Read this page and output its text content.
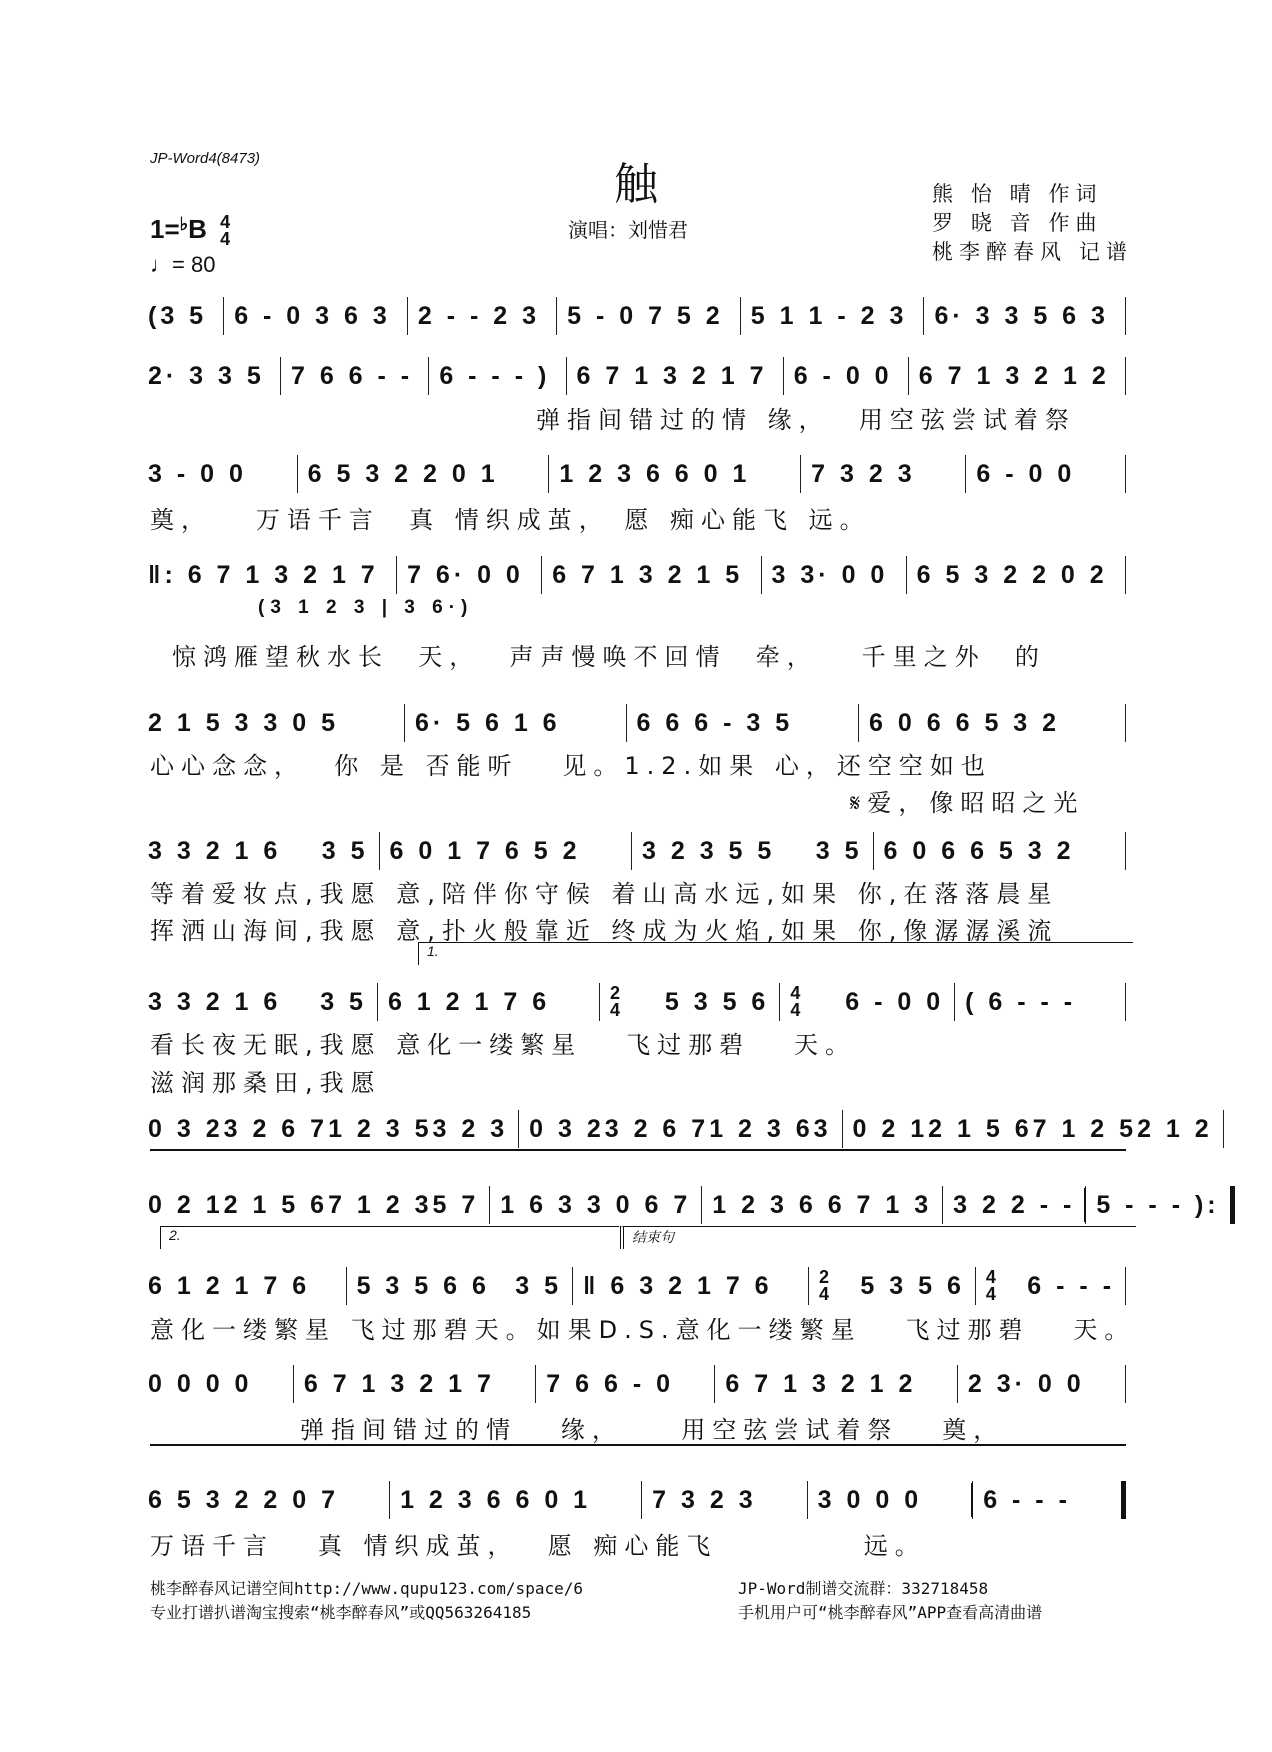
JP-Word4(8473)
触
演唱：刘惜君
1=♭B 4
4
♩= 80
熊 怡 晴 作词
罗 晓 音 作曲
桃李醉春风 记谱
(3 5 6 - 0 3 6 3 2 - - 2 3 5 - 0 7 5 2 5 1 1 - 2 3 6· 3 3 5 6 3
2· 3 3 5 7 6 6 - - 6 - - - ) 6 7 1 3 2 1 7 6 - 0 0 6 7 1 3 2 1 2
弹指间错过的情 缘，  用空弦尝试着祭
3 - 0 0 6 5 3 2 2 0 1 1 2 3 6 6 0 1 7 3 2 3 6 - 0 0
奠，   万语千言  真 情织成茧， 愿 痴心能飞 远。
‖: 6 7 1 3 2 1 7 7 6· 0 0 6 7 1 3 2 1 5 3 3· 0 0 6 5 3 2 2 0 2
(3 1 2 3 | 3 6·)
惊鸿雁望秋水长  天，  声声慢唤不回情  牵，   千里之外  的
2 1 5 3 3 0 5	6· 5 6 1 6	6 6 6 - 3 5	6 0 6 6 5 3 2
心心念念，  你 是 否能听   见。1.2.如果 心，还空空如也
𝄋爱，像昭昭之光
3 3 2 1 6 3 5 6 0 1 7 6 5 2 3 2 3 5 5 3 5 6 0 6 6 5 3 2
等着爱妆点,我愿 意,陪伴你守候 着山高水远,如果 你,在落落晨星
挥洒山海间,我愿 意,扑火般靠近 终成为火焰,如果 你,像潺潺溪流
1.
3 3 2 1 6 3 5 6 1 2 1 7 6	2
4 5 3 5 6 4
4 6 - 0 0 ( 6 - - -
看长夜无眠,我愿 意化一缕繁星   飞过那碧   天。
滋润那桑田,我愿
0 3 2 3 2 6 7 1 2 3 5 3 2 3 0 3 2 3 2 6 7 1 2 3 6 3 0 2 1 2 1 5 6 7 1 2 5 2 1 2
0 2 1 2 1 5 6 7 1 2 3 5 7 1 6 3 3 0 6 7 1 2 3 6 6 7 1 3 3 2 2 - - 5 - - - ):
2.	结束句
6 1 2 1 7 6 5 3 5 6 6 3 5 ‖ 6 3 2 1 7 6	2
4 5 3 5 6 4
4 6 - - -
意化一缕繁星 飞过那碧天。如果D.S.意化一缕繁星   飞过那碧   天。
0 0 0 0 6 7 1 3 2 1 7 7 6 6 - 0 6 7 1 3 2 1 2 2 3· 0 0
弹指间错过的情   缘，    用空弦尝试着祭   奠，
6 5 3 2 2 0 7 1 2 3 6 6 0 1 7 3 2 3 3 0 0 0 6 - - -
万语千言   真 情织成茧，  愿 痴心能飞          远。
桃李醉春风记谱空间http://www.qupu123.com/space/6
专业打谱扒谱淘宝搜索“桃李醉春风”或QQ563264185
JP-Word制谱交流群：332718458
手机用户可“桃李醉春风”APP查看高清曲谱
